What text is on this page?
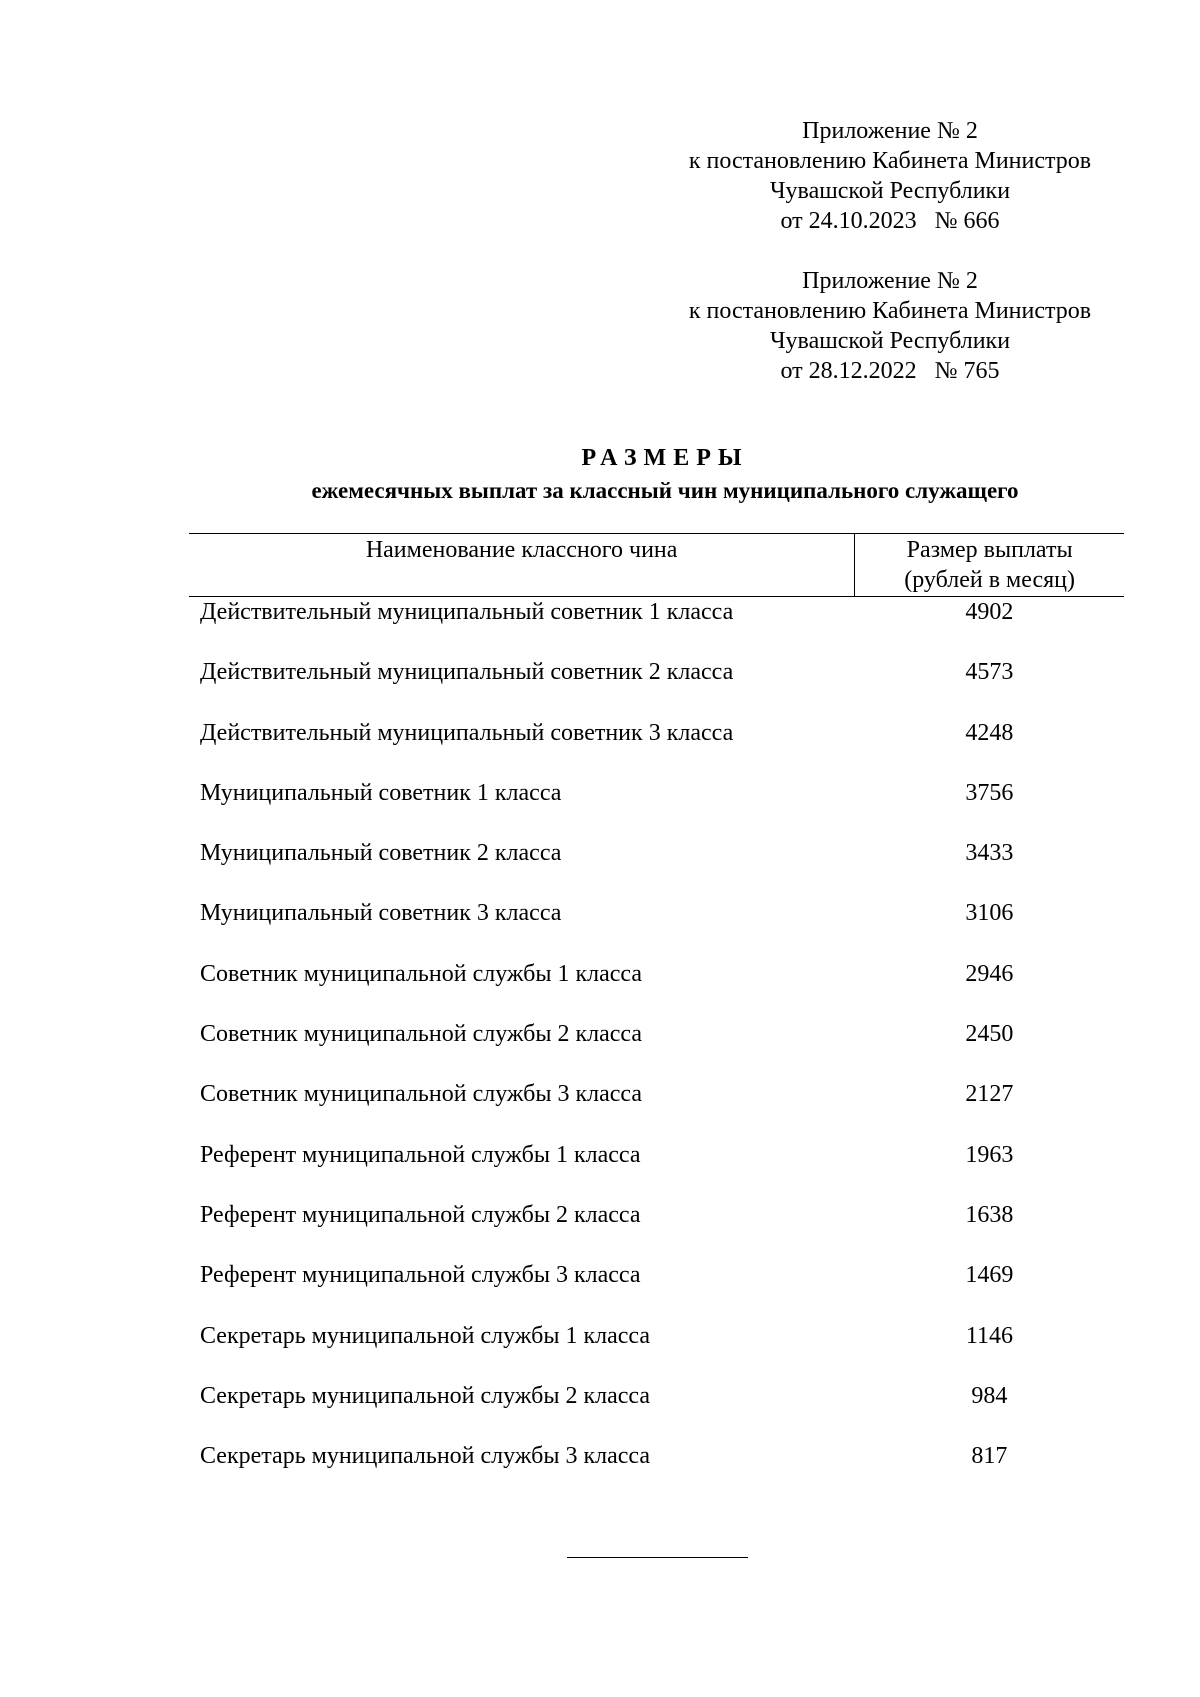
Приложение № 2
к постановлению Кабинета Министров
Чувашской Республики
от 24.10.2023   № 666
Приложение № 2
к постановлению Кабинета Министров
Чувашской Республики
от 28.12.2022   № 765
РАЗМЕРЫ
ежемесячных выплат за классный чин муниципального служащего
Наименование классного чина	Размер выплаты
(рублей в месяц)
Действительный муниципальный советник 1 класса	4902
Действительный муниципальный советник 2 класса	4573
Действительный муниципальный советник 3 класса	4248
Муниципальный советник 1 класса	3756
Муниципальный советник 2 класса	3433
Муниципальный советник 3 класса	3106
Советник муниципальной службы 1 класса	2946
Советник муниципальной службы 2 класса	2450
Советник муниципальной службы 3 класса	2127
Референт муниципальной службы 1 класса	1963
Референт муниципальной службы 2 класса	1638
Референт муниципальной службы 3 класса	1469
Секретарь муниципальной службы 1 класса	1146
Секретарь муниципальной службы 2 класса	984
Секретарь муниципальной службы 3 класса	817
